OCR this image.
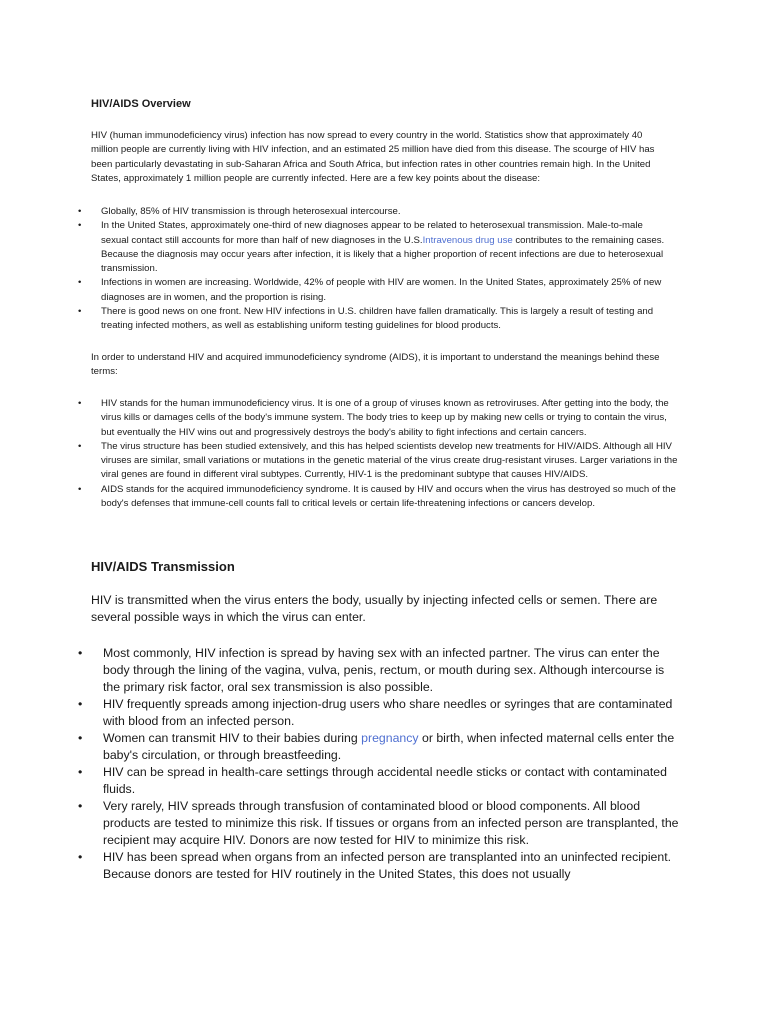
HIV/AIDS Overview

HIV (human immunodeficiency virus) infection has now spread to every country in the world. Statistics show that approximately 40 million people are currently living with HIV infection, and an estimated 25 million have died from this disease. The scourge of HIV has been particularly devastating in sub-Saharan Africa and South Africa, but infection rates in other countries remain high. In the United States, approximately 1 million people are currently infected. Here are a few key points about the disease:

• Globally, 85% of HIV transmission is through heterosexual intercourse.
• In the United States, approximately one-third of new diagnoses appear to be related to heterosexual transmission. Male-to-male sexual contact still accounts for more than half of new diagnoses in the U.S.Intravenous drug use contributes to the remaining cases. Because the diagnosis may occur years after infection, it is likely that a higher proportion of recent infections are due to heterosexual transmission.
• Infections in women are increasing. Worldwide, 42% of people with HIV are women. In the United States, approximately 25% of new diagnoses are in women, and the proportion is rising.
• There is good news on one front. New HIV infections in U.S. children have fallen dramatically. This is largely a result of testing and treating infected mothers, as well as establishing uniform testing guidelines for blood products.

In order to understand HIV and acquired immunodeficiency syndrome (AIDS), it is important to understand the meanings behind these terms:

• HIV stands for the human immunodeficiency virus. It is one of a group of viruses known as retroviruses. After getting into the body, the virus kills or damages cells of the body's immune system. The body tries to keep up by making new cells or trying to contain the virus, but eventually the HIV wins out and progressively destroys the body's ability to fight infections and certain cancers.
• The virus structure has been studied extensively, and this has helped scientists develop new treatments for HIV/AIDS. Although all HIV viruses are similar, small variations or mutations in the genetic material of the virus create drug-resistant viruses. Larger variations in the viral genes are found in different viral subtypes. Currently, HIV-1 is the predominant subtype that causes HIV/AIDS.
• AIDS stands for the acquired immunodeficiency syndrome. It is caused by HIV and occurs when the virus has destroyed so much of the body's defenses that immune-cell counts fall to critical levels or certain life-threatening infections or cancers develop.
HIV/AIDS Transmission

HIV is transmitted when the virus enters the body, usually by injecting infected cells or semen. There are several possible ways in which the virus can enter.

• Most commonly, HIV infection is spread by having sex with an infected partner. The virus can enter the body through the lining of the vagina, vulva, penis, rectum, or mouth during sex. Although intercourse is the primary risk factor, oral sex transmission is also possible.
• HIV frequently spreads among injection-drug users who share needles or syringes that are contaminated with blood from an infected person.
• Women can transmit HIV to their babies during pregnancy or birth, when infected maternal cells enter the baby's circulation, or through breastfeeding.
• HIV can be spread in health-care settings through accidental needle sticks or contact with contaminated fluids.
• Very rarely, HIV spreads through transfusion of contaminated blood or blood components. All blood products are tested to minimize this risk. If tissues or organs from an infected person are transplanted, the recipient may acquire HIV. Donors are now tested for HIV to minimize this risk.
• HIV has been spread when organs from an infected person are transplanted into an uninfected recipient. Because donors are tested for HIV routinely in the United States, this does not usually
